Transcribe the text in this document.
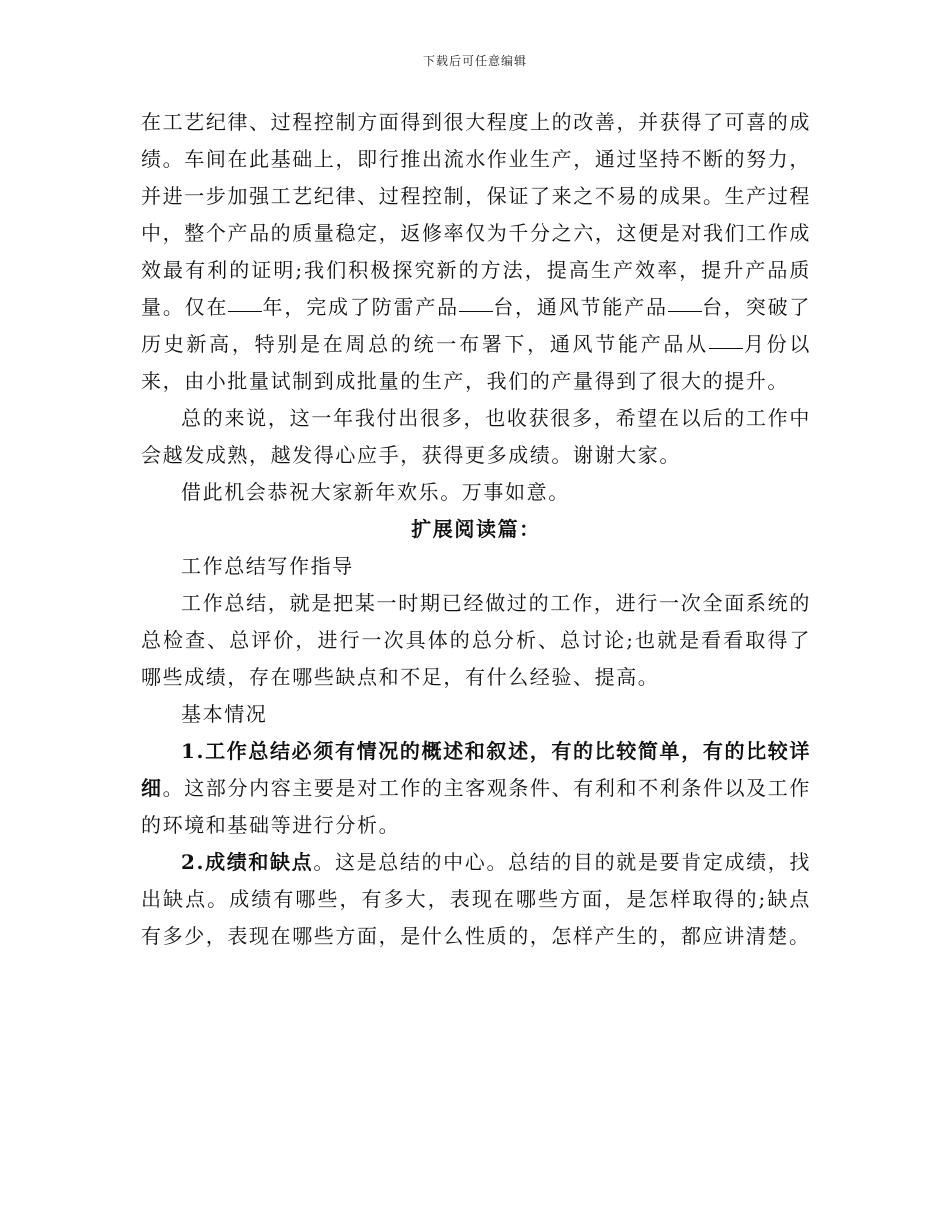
下载后可任意编辑

在工艺纪律、过程控制方面得到很大程度上的改善，并获得了可喜的成绩。车间在此基础上，即行推出流水作业生产，通过坚持不断的努力，并进一步加强工艺纪律、过程控制，保证了来之不易的成果。生产过程中，整个产品的质量稳定，返修率仅为千分之六，这便是对我们工作成效最有利的证明;我们积极探究新的方法，提高生产效率，提升产品质量。仅在 年，完成了防雷产品 台，通风节能产品 台，突破了历史新高，特别是在周总的统一布署下，通风节能产品从 月份以来，由小批量试制到成批量的生产，我们的产量得到了很大的提升。

总的来说，这一年我付出很多，也收获很多，希望在以后的工作中会越发成熟，越发得心应手，获得更多成绩。谢谢大家。

借此机会恭祝大家新年欢乐。万事如意。

扩展阅读篇：

工作总结写作指导

工作总结，就是把某一时期已经做过的工作，进行一次全面系统的总检查、总评价，进行一次具体的总分析、总讨论;也就是看看取得了哪些成绩，存在哪些缺点和不足，有什么经验、提高。

基本情况

1.工作总结必须有情况的概述和叙述，有的比较简单，有的比较详细。这部分内容主要是对工作的主客观条件、有利和不利条件以及工作的环境和基础等进行分析。

2.成绩和缺点。这是总结的中心。总结的目的就是要肯定成绩，找出缺点。成绩有哪些，有多大，表现在哪些方面，是怎样取得的;缺点有多少，表现在哪些方面，是什么性质的，怎样产生的，都应讲清楚。
